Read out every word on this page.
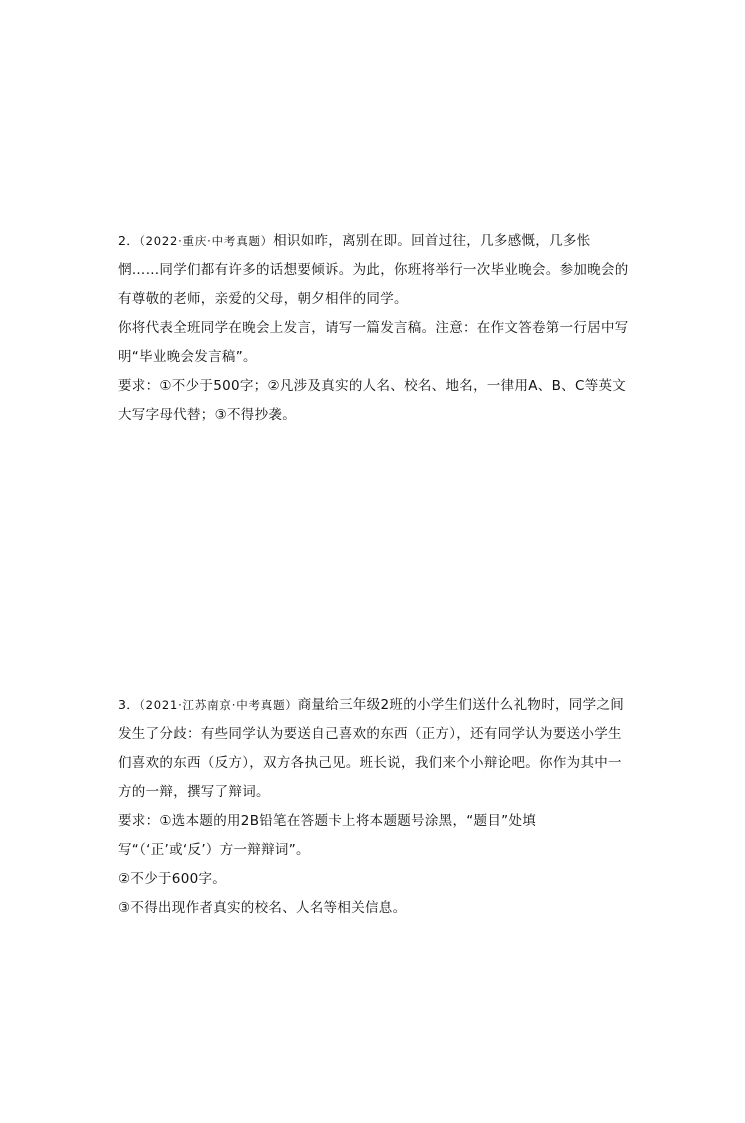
2．（2022·重庆·中考真题）相识如昨，离别在即。回首过往，几多感慨，几多怅惘……同学们都有许多的话想要倾诉。为此，你班将举行一次毕业晚会。参加晚会的有尊敬的老师，亲爱的父母，朝夕相伴的同学。

你将代表全班同学在晚会上发言，请写一篇发言稿。注意：在作文答卷第一行居中写明“毕业晚会发言稿”。

要求：①不少于500字；②凡涉及真实的人名、校名、地名，一律用A、B、C等英文大写字母代替；③不得抄袭。

3．（2021·江苏南京·中考真题）商量给三年级2班的小学生们送什么礼物时，同学之间发生了分歧：有些同学认为要送自己喜欢的东西（正方），还有同学认为要送小学生们喜欢的东西（反方），双方各执己见。班长说，我们来个小辩论吧。你作为其中一方的一辩，撰写了辩词。

要求：①选本题的用2B铅笔在答题卡上将本题题号涂黑，“题目”处填写“（‘正’或‘反’）方一辩辩词”。

②不少于600字。

③不得出现作者真实的校名、人名等相关信息。
